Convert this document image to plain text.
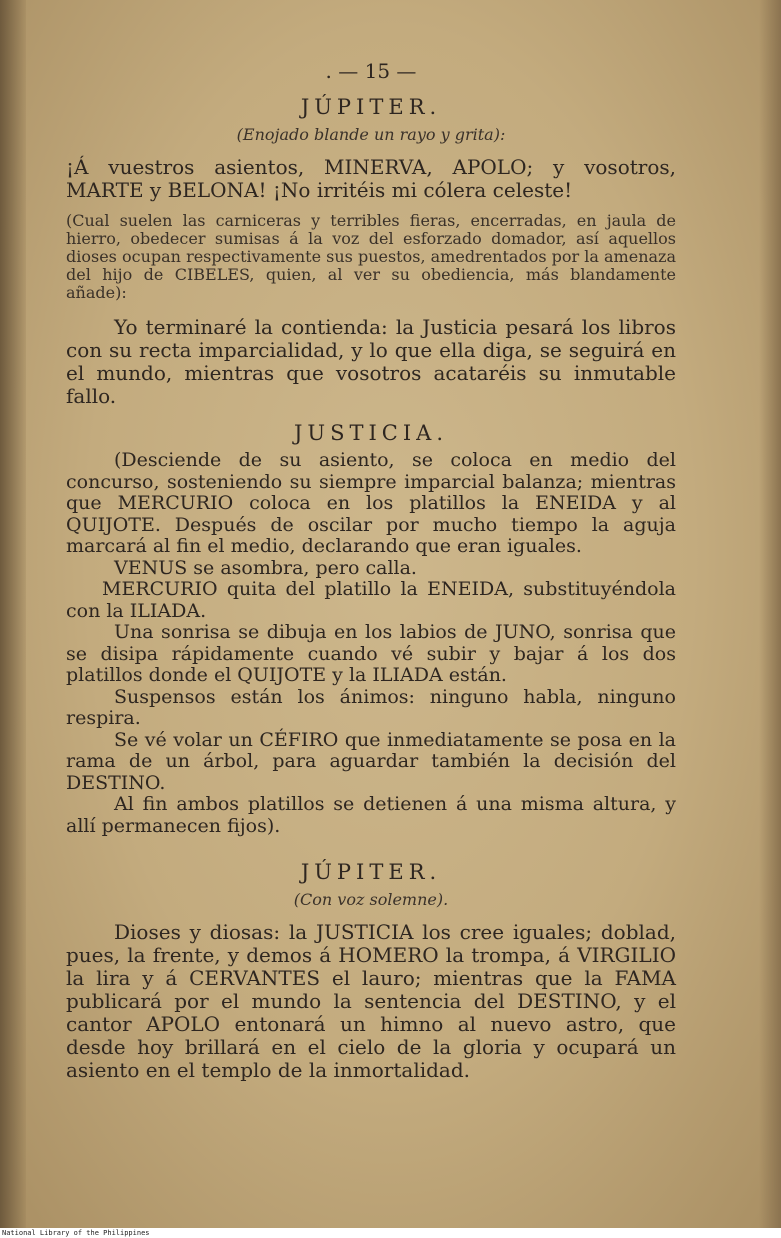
. — 15 —
JÚPITER.
(Enojado blande un rayo y grita):

¡Á vuestros asientos, MINERVA, APOLO; y vosotros, MARTE y BELONA! ¡No irritéis mi cólera celeste!

(Cual suelen las carniceras y terribles fieras, encerradas, en jaula de hierro, obedecer sumisas á la voz del esforzado domador, así aquellos dioses ocupan respectivamente sus puestos, amedrentados por la amenaza del hijo de CIBELES, quien, al ver su obediencia, más blandamente añade):

Yo terminaré la contienda: la Justicia pesará los libros con su recta imparcialidad, y lo que ella diga, se seguirá en el mundo, mientras que vosotros acataréis su inmutable fallo.

JUSTICIA.

(Desciende de su asiento, se coloca en medio del concurso, sosteniendo su siempre imparcial balanza; mientras que MERCURIO coloca en los platillos la ENEIDA y al QUIJOTE. Después de oscilar por mucho tiempo la aguja marcará al fin el medio, declarando que eran iguales.

VENUS se asombra, pero calla.

MERCURIO quita del platillo la ENEIDA, substituyéndola con la ILIADA.

Una sonrisa se dibuja en los labios de JUNO, sonrisa que se disipa rápidamente cuando vé subir y bajar á los dos platillos donde el QUIJOTE y la ILIADA están.

Suspensos están los ánimos: ninguno habla, ninguno respira.

Se vé volar un CÉFIRO que inmediatamente se posa en la rama de un árbol, para aguardar también la decisión del DESTINO.

Al fin ambos platillos se detienen á una misma altura, y allí permanecen fijos).

JÚPITER.
(Con voz solemne).

Dioses y diosas: la JUSTICIA los cree iguales; doblad, pues, la frente, y demos á HOMERO la trompa, á VIRGILIO la lira y á CERVANTES el lauro; mientras que la FAMA publicará por el mundo la sentencia del DESTINO, y el cantor APOLO entonará un himno al nuevo astro, que desde hoy brillará en el cielo de la gloria y ocupará un asiento en el templo de la inmortalidad.

National Library of the Philippines
